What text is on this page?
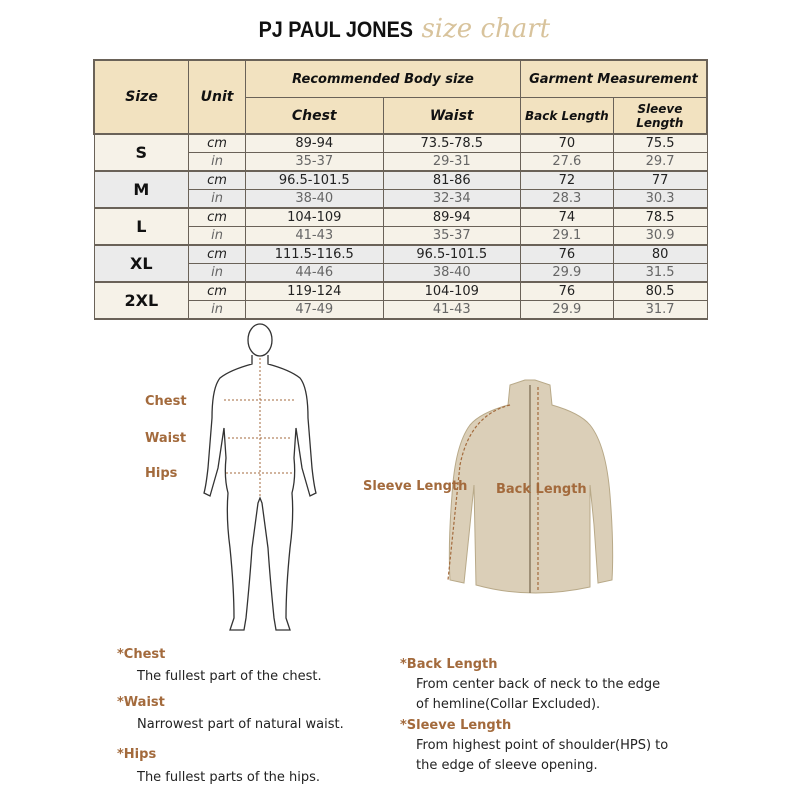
PJ PAUL JONES size chart
Size	Unit	Recommended Body size		Garment Measurement	
		Chest	Waist	Back Length	Sleeve Length
S	cm	89-94	73.5-78.5	70	75.5
	in	35-37	29-31	27.6	29.7
M	cm	96.5-101.5	81-86	72	77
	in	38-40	32-34	28.3	30.3
L	cm	104-109	89-94	74	78.5
	in	41-43	35-37	29.1	30.9
XL	cm	111.5-116.5	96.5-101.5	76	80
	in	44-46	38-40	29.9	31.5
2XL	cm	119-124	104-109	76	80.5
	in	47-49	41-43	29.9	31.7
Chest
Waist
Hips
Sleeve Length Back Length
*Chest
The fullest part of the chest.
*Waist
Narrowest part of natural waist.
*Hips
The fullest parts of the hips.
*Back Length
From center back of neck to the edge
of hemline(Collar Excluded).
*Sleeve Length
From highest point of shoulder(HPS) to
the edge of sleeve opening.
